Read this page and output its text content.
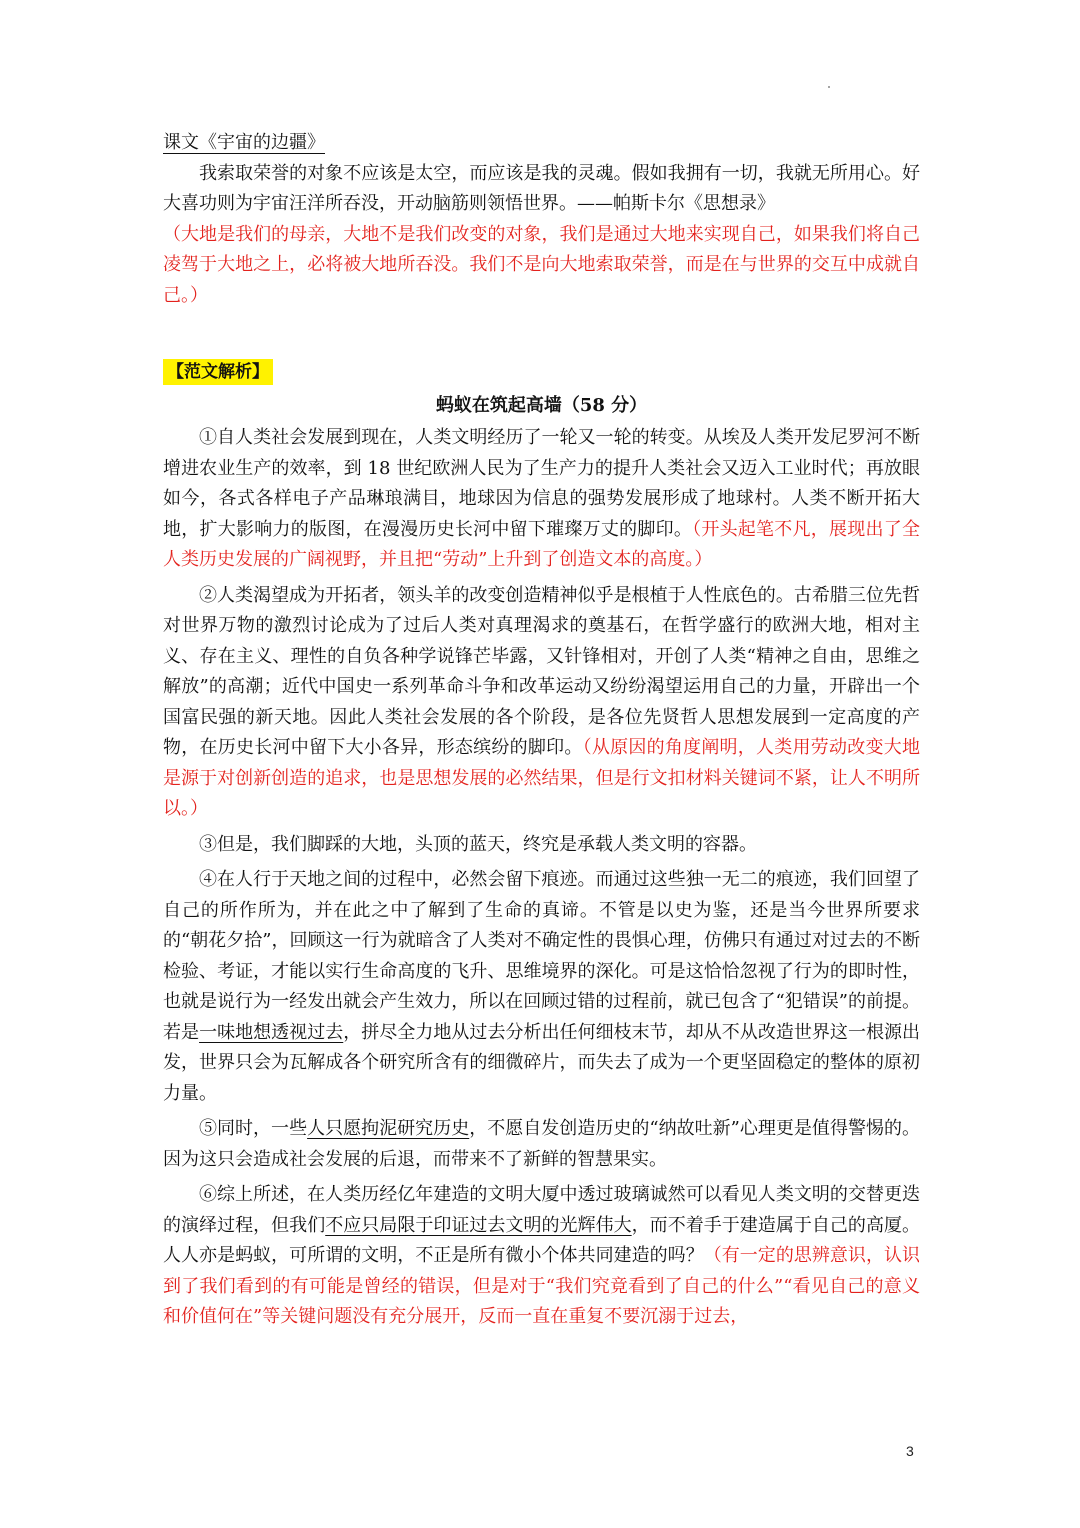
课文《宇宙的边疆》

我索取荣誉的对象不应该是太空，而应该是我的灵魂。假如我拥有一切，我就无所用心。好大喜功则为宇宙汪洋所吞没，开动脑筋则领悟世界。——帕斯卡尔《思想录》

（大地是我们的母亲，大地不是我们改变的对象，我们是通过大地来实现自己，如果我们将自己凌驾于大地之上，必将被大地所吞没。我们不是向大地索取荣誉，而是在与世界的交互中成就自己。）

【范文解析】

蚂蚁在筑起高墙（58 分）

①自人类社会发展到现在，人类文明经历了一轮又一轮的转变。从埃及人类开发尼罗河不断增进农业生产的效率，到 18 世纪欧洲人民为了生产力的提升人类社会又迈入工业时代；再放眼如今，各式各样电子产品琳琅满目，地球因为信息的强势发展形成了地球村。人类不断开拓大地，扩大影响力的版图，在漫漫历史长河中留下璀璨万丈的脚印。（开头起笔不凡，展现出了全人类历史发展的广阔视野，并且把“劳动”上升到了创造文本的高度。）

②人类渴望成为开拓者，领头羊的改变创造精神似乎是根植于人性底色的。古希腊三位先哲对世界万物的激烈讨论成为了过后人类对真理渴求的奠基石，在哲学盛行的欧洲大地，相对主义、存在主义、理性的自负各种学说锋芒毕露，又针锋相对，开创了人类“精神之自由，思维之解放”的高潮；近代中国史一系列革命斗争和改革运动又纷纷渴望运用自己的力量，开辟出一个国富民强的新天地。因此人类社会发展的各个阶段，是各位先贤哲人思想发展到一定高度的产物，在历史长河中留下大小各异，形态缤纷的脚印。（从原因的角度阐明，人类用劳动改变大地是源于对创新创造的追求，也是思想发展的必然结果，但是行文扣材料关键词不紧，让人不明所以。）

③但是，我们脚踩的大地，头顶的蓝天，终究是承载人类文明的容器。

④在人行于天地之间的过程中，必然会留下痕迹。而通过这些独一无二的痕迹，我们回望了自己的所作所为，并在此之中了解到了生命的真谛。不管是以史为鉴，还是当今世界所要求的“朝花夕拾”，回顾这一行为就暗含了人类对不确定性的畏惧心理，仿佛只有通过对过去的不断检验、考证，才能以实行生命高度的飞升、思维境界的深化。可是这恰恰忽视了行为的即时性，也就是说行为一经发出就会产生效力，所以在回顾过错的过程前，就已包含了“犯错误”的前提。若是一味地想透视过去，拼尽全力地从过去分析出任何细枝末节，却从不从改造世界这一根源出发，世界只会为瓦解成各个研究所含有的细微碎片，而失去了成为一个更坚固稳定的整体的原初力量。

⑤同时，一些人只愿拘泥研究历史，不愿自发创造历史的“纳故吐新”心理更是值得警惕的。因为这只会造成社会发展的后退，而带来不了新鲜的智慧果实。

⑥综上所述，在人类历经亿年建造的文明大厦中透过玻璃诚然可以看见人类文明的交替更迭的演绎过程，但我们不应只局限于印证过去文明的光辉伟大，而不着手于建造属于自己的高厦。人人亦是蚂蚁，可所谓的文明，不正是所有微小个体共同建造的吗？（有一定的思辨意识，认识到了我们看到的有可能是曾经的错误，但是对于“我们究竟看到了自己的什么”“看见自己的意义和价值何在”等关键问题没有充分展开，反而一直在重复不要沉溺于过去，

3
